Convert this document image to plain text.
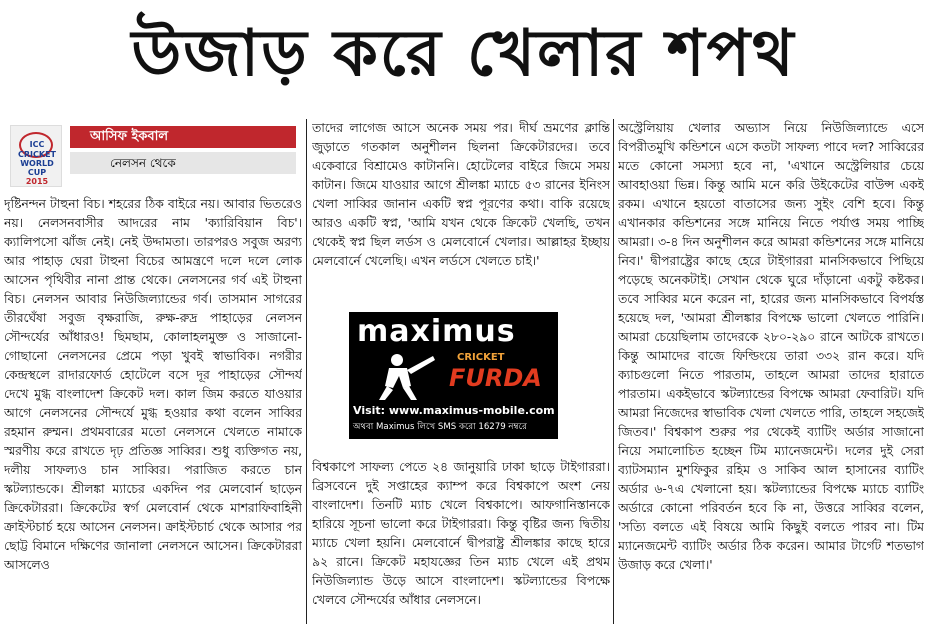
উজাড় করে খেলার শপথ
ICC
CRICKET
WORLD
CUP
2015
আসিফ ইকবাল
নেলসন থেকে

দৃষ্টিনন্দন টাহুনা বিচ। শহরের ঠিক বাইরে নয়। আবার ভিতরেও নয়। নেলসনবাসীর আদরের নাম 'ক্যারিবিয়ান বিচ'। ক্যালিপসো ঝাঁজ নেই। নেই উদ্দামতা। তারপরও সবুজ অরণ্য আর পাহাড় ঘেরা টাহুনা বিচের আমন্ত্রণে দলে দলে লোক আসেন পৃথিবীর নানা প্রান্ত থেকে। নেলসনের গর্ব এই টাহুনা বিচ। নেলসন আবার নিউজিল্যান্ডের গর্ব। তাসমান সাগরের তীরঘেঁষা সবুজ বৃক্ষরাজি, রুক্ষ-রুদ্র পাহাড়ের নেলসন সৌন্দর্যের আঁধারও! ছিমছাম, কোলাহলমুক্ত ও সাজানো-গোছানো নেলসনের প্রেমে পড়া খুবই স্বাভাবিক। নগরীর কেন্দ্রস্থলে রাদারফোর্ড হোটেলে বসে দূর পাহাড়ের সৌন্দর্য দেখে মুগ্ধ বাংলাদেশ ক্রিকেট দল। কাল জিম করতে যাওয়ার আগে নেলসনের সৌন্দর্যে মুগ্ধ হওয়ার কথা বলেন সাব্বির রহমান রুম্মন। প্রথমবারের মতো নেলসনে খেলতে নামাকে স্মরণীয় করে রাখতে দৃঢ় প্রতিজ্ঞ সাব্বির। শুধু ব্যক্তিগত নয়, দলীয় সাফল্যও চান সাব্বির। পরাজিত করতে চান স্কটল্যান্ডকে। শ্রীলঙ্কা ম্যাচের একদিন পর মেলবোর্ন ছাড়েন ক্রিকেটাররা। ক্রিকেটের স্বর্গ মেলবোর্ন থেকে মাশরাফিবাহিনী ক্রাইস্টচার্চ হয়ে আসেন নেলসন। ক্রাইস্টচার্চ থেকে আসার পর ছোট্ট বিমানে দক্ষিণের জানালা নেলসনে আসেন। ক্রিকেটাররা আসলেও

তাদের লাগেজ আসে অনেক সময় পর। দীর্ঘ ভ্রমণের ক্লান্তি জুড়াতে গতকাল অনুশীলন ছিলনা ক্রিকেটারদের। তবে একেবারে বিশ্রামেও কাটাননি। হোটেলের বাইরে জিমে সময় কাটান। জিমে যাওয়ার আগে শ্রীলঙ্কা ম্যাচে ৫৩ রানের ইনিংস খেলা সাব্বির জানান একটি স্বপ্ন পূরণের কথা। বাকি রয়েছে আরও একটি স্বপ্ন, 'আমি যখন থেকে ক্রিকেট খেলছি, তখন থেকেই স্বপ্ন ছিল লর্ডস ও মেলবোর্নে খেলার। আল্লাহর ইচ্ছায় মেলবোর্নে খেলেছি। এখন লর্ডসে খেলতে চাই।'

maximus
CRICKET
FURDA
Visit: www.maximus-mobile.com
অথবা Maximus লিখে SMS করো 16279 নম্বরে

বিশ্বকাপে সাফল্য পেতে ২৪ জানুয়ারি ঢাকা ছাড়ে টাইগাররা। ব্রিসবেনে দুই সপ্তাহের ক্যাম্প করে বিশ্বকাপে অংশ নেয় বাংলাদেশ। তিনটি ম্যাচ খেলে বিশ্বকাপে। আফগানিস্তানকে হারিয়ে সূচনা ভালো করে টাইগাররা। কিন্তু বৃষ্টির জন্য দ্বিতীয় ম্যাচে খেলা হয়নি। মেলবোর্নে দ্বীপরাষ্ট্র শ্রীলঙ্কার কাছে হারে ৯২ রানে। ক্রিকেট মহাযজ্ঞের তিন ম্যাচ খেলে এই প্রথম নিউজিল্যান্ড উড়ে আসে বাংলাদেশ। স্কটল্যান্ডের বিপক্ষে খেলবে সৌন্দর্যের আঁধার নেলসনে।

অস্ট্রেলিয়ায় খেলার অভ্যাস নিয়ে নিউজিল্যান্ডে এসে বিপরীতমুখি কন্ডিশনে এসে কতটা সাফল্য পাবে দল? সাব্বিরের মতে কোনো সমস্যা হবে না, 'এখানে অস্ট্রেলিয়ার চেয়ে আবহাওয়া ভিন্ন। কিন্তু আমি মনে করি উইকেটের বাউন্স একই রকম। এখানে হয়তো বাতাসের জন্য সুইং বেশি হবে। কিন্তু এখানকার কন্ডিশনের সঙ্গে মানিয়ে নিতে পর্যাপ্ত সময় পাচ্ছি আমরা। ৩-৪ দিন অনুশীলন করে আমরা কন্ডিশনের সঙ্গে মানিয়ে নিব।' দ্বীপরাষ্ট্রের কাছে হেরে টাইগাররা মানসিকভাবে পিছিয়ে পড়েছে অনেকটাই। সেখান থেকে ঘুরে দাঁড়ানো একটু কষ্টকর। তবে সাব্বির মনে করেন না, হারের জন্য মানসিকভাবে বিপর্যস্ত হয়েছে দল, 'আমরা শ্রীলঙ্কার বিপক্ষে ভালো খেলতে পারিনি। আমরা চেয়েছিলাম তাদেরকে ২৮০-২৯০ রানে আটকে রাখতে। কিন্তু আমাদের বাজে ফিল্ডিংয়ে তারা ৩৩২ রান করে। যদি ক্যাচগুলো নিতে পারতাম, তাহলে আমরা তাদের হারাতে পারতাম। একইভাবে স্কটল্যান্ডের বিপক্ষে আমরা ফেবারিট। যদি আমরা নিজেদের স্বাভাবিক খেলা খেলতে পারি, তাহলে সহজেই জিতব।' বিশ্বকাপ শুরুর পর থেকেই ব্যাটিং অর্ডার সাজানো নিয়ে সমালোচিত হচ্ছেন টিম ম্যানেজমেন্ট। দলের দুই সেরা ব্যাটসম্যান মুশফিকুর রহিম ও সাকিব আল হাসানের ব্যাটিং অর্ডার ৬-৭এ খেলানো হয়। স্কটল্যান্ডের বিপক্ষে ম্যাচে ব্যাটিং অর্ডারে কোনো পরিবর্তন হবে কি না, উত্তরে সাব্বির বলেন, 'সত্যি বলতে এই বিষয়ে আমি কিছুই বলতে পারব না। টিম ম্যানেজমেন্ট ব্যাটিং অর্ডার ঠিক করেন। আমার টার্গেট শতভাগ উজাড় করে খেলা।'
